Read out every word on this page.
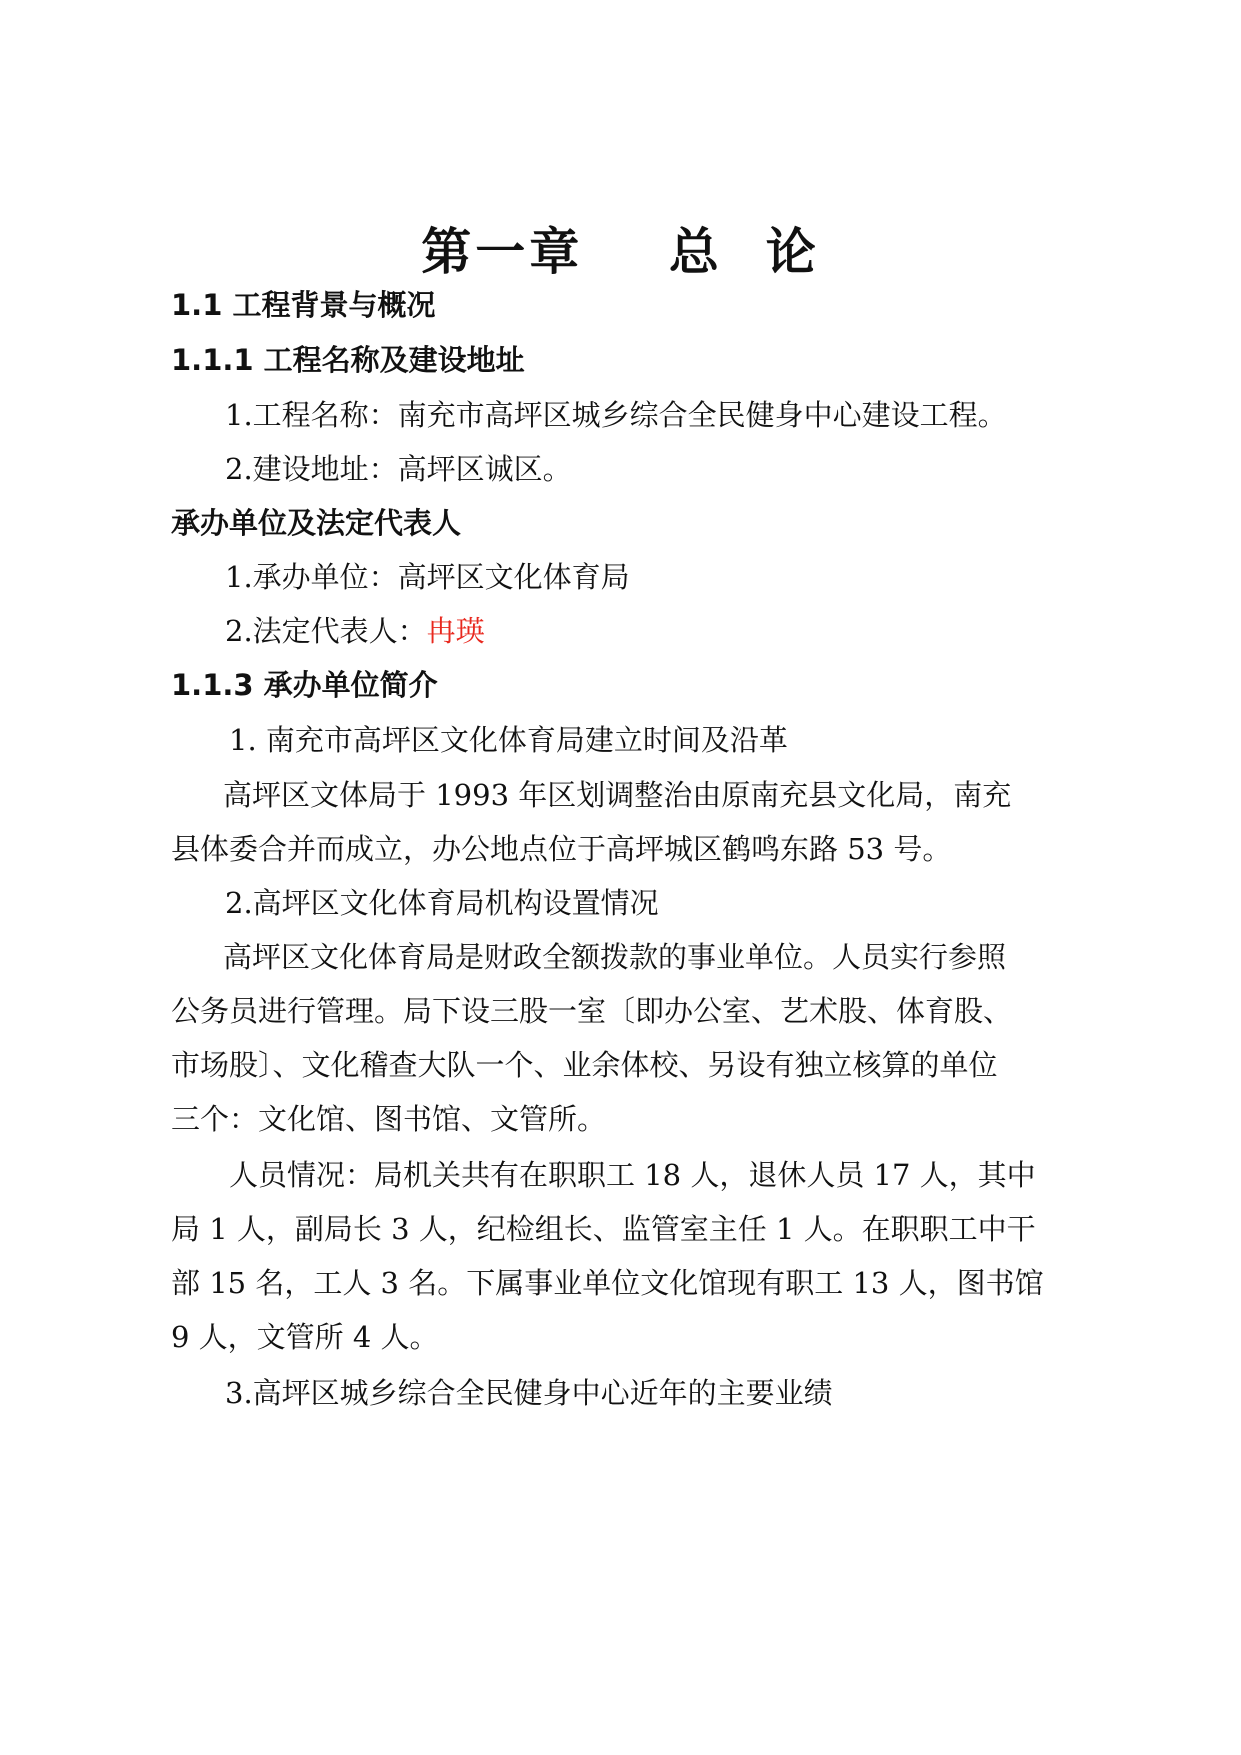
第一章    总  论
1.1 工程背景与概况
1.1.1 工程名称及建设地址
1.工程名称：南充市高坪区城乡综合全民健身中心建设工程。
2.建设地址：高坪区诚区。
承办单位及法定代表人
1.承办单位：高坪区文化体育局
2.法定代表人：冉瑛
1.1.3 承办单位简介
1. 南充市高坪区文化体育局建立时间及沿革
高坪区文体局于 1993 年区划调整治由原南充县文化局，南充
县体委合并而成立，办公地点位于高坪城区鹤鸣东路 53 号。
2.高坪区文化体育局机构设置情况
高坪区文化体育局是财政全额拨款的事业单位。人员实行参照
公务员进行管理。局下设三股一室〔即办公室、艺术股、体育股、
市场股〕、文化稽查大队一个、业余体校、另设有独立核算的单位
三个：文化馆、图书馆、文管所。
人员情况：局机关共有在职职工 18 人，退休人员 17 人，其中
局 1 人，副局长 3 人，纪检组长、监管室主任 1 人。在职职工中干
部 15 名，工人 3 名。下属事业单位文化馆现有职工 13 人，图书馆
9 人，文管所 4 人。
3.高坪区城乡综合全民健身中心近年的主要业绩
